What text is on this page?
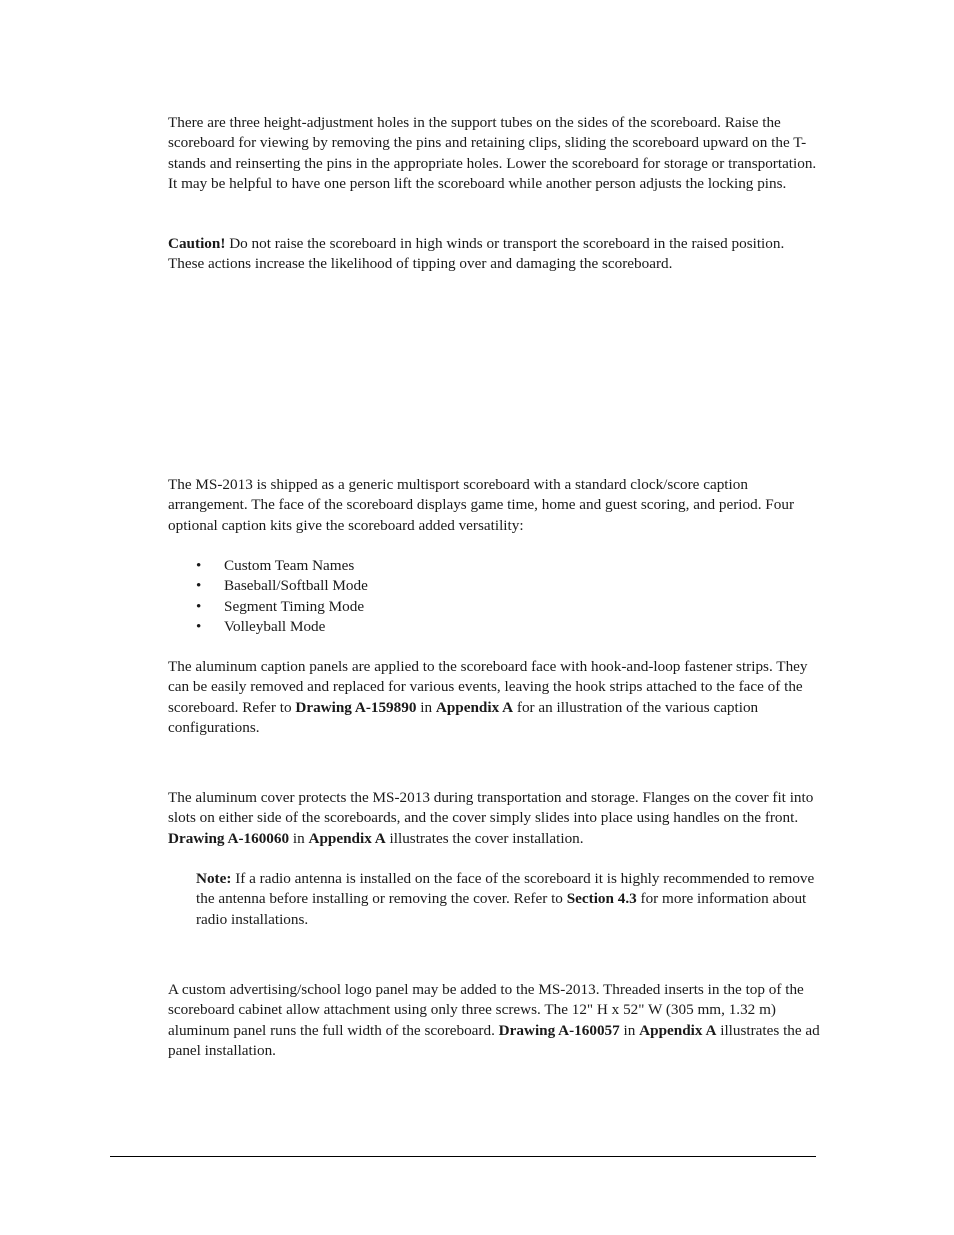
There are three height-adjustment holes in the support tubes on the sides of the scoreboard. Raise the scoreboard for viewing by removing the pins and retaining clips, sliding the scoreboard upward on the T-stands and reinserting the pins in the appropriate holes. Lower the scoreboard for storage or transportation. It may be helpful to have one person lift the scoreboard while another person adjusts the locking pins.

Caution! Do not raise the scoreboard in high winds or transport the scoreboard in the raised position. These actions increase the likelihood of tipping over and damaging the scoreboard.

The MS-2013 is shipped as a generic multisport scoreboard with a standard clock/score caption arrangement. The face of the scoreboard displays game time, home and guest scoring, and period. Four optional caption kits give the scoreboard added versatility:

• Custom Team Names
• Baseball/Softball Mode
• Segment Timing Mode
• Volleyball Mode

The aluminum caption panels are applied to the scoreboard face with hook-and-loop fastener strips. They can be easily removed and replaced for various events, leaving the hook strips attached to the face of the scoreboard. Refer to Drawing A-159890 in Appendix A for an illustration of the various caption configurations.

The aluminum cover protects the MS-2013 during transportation and storage. Flanges on the cover fit into slots on either side of the scoreboards, and the cover simply slides into place using handles on the front. Drawing A-160060 in Appendix A illustrates the cover installation.

Note: If a radio antenna is installed on the face of the scoreboard it is highly recommended to remove the antenna before installing or removing the cover. Refer to Section 4.3 for more information about radio installations.

A custom advertising/school logo panel may be added to the MS-2013. Threaded inserts in the top of the scoreboard cabinet allow attachment using only three screws. The 12" H x 52" W (305 mm, 1.32 m) aluminum panel runs the full width of the scoreboard. Drawing A-160057 in Appendix A illustrates the ad panel installation.
